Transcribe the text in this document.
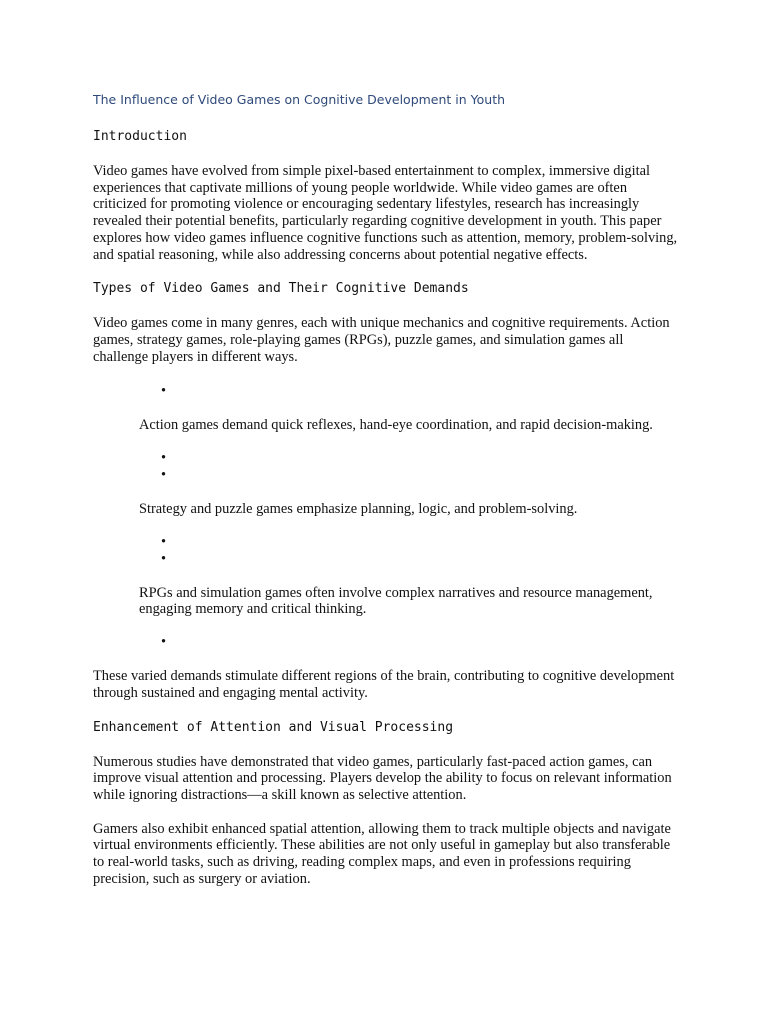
The Influence of Video Games on Cognitive Development in Youth
Introduction

Video games have evolved from simple pixel-based entertainment to complex, immersive digital experiences that captivate millions of young people worldwide. While video games are often criticized for promoting violence or encouraging sedentary lifestyles, research has increasingly revealed their potential benefits, particularly regarding cognitive development in youth. This paper explores how video games influence cognitive functions such as attention, memory, problem-solving, and spatial reasoning, while also addressing concerns about potential negative effects.

Types of Video Games and Their Cognitive Demands

Video games come in many genres, each with unique mechanics and cognitive requirements. Action games, strategy games, role-playing games (RPGs), puzzle games, and simulation games all challenge players in different ways.

•

Action games demand quick reflexes, hand-eye coordination, and rapid decision-making.

•
•

Strategy and puzzle games emphasize planning, logic, and problem-solving.

•
•

RPGs and simulation games often involve complex narratives and resource management, engaging memory and critical thinking.

•

These varied demands stimulate different regions of the brain, contributing to cognitive development through sustained and engaging mental activity.

Enhancement of Attention and Visual Processing

Numerous studies have demonstrated that video games, particularly fast-paced action games, can improve visual attention and processing. Players develop the ability to focus on relevant information while ignoring distractions—a skill known as selective attention.

Gamers also exhibit enhanced spatial attention, allowing them to track multiple objects and navigate virtual environments efficiently. These abilities are not only useful in gameplay but also transferable to real-world tasks, such as driving, reading complex maps, and even in professions requiring precision, such as surgery or aviation.
